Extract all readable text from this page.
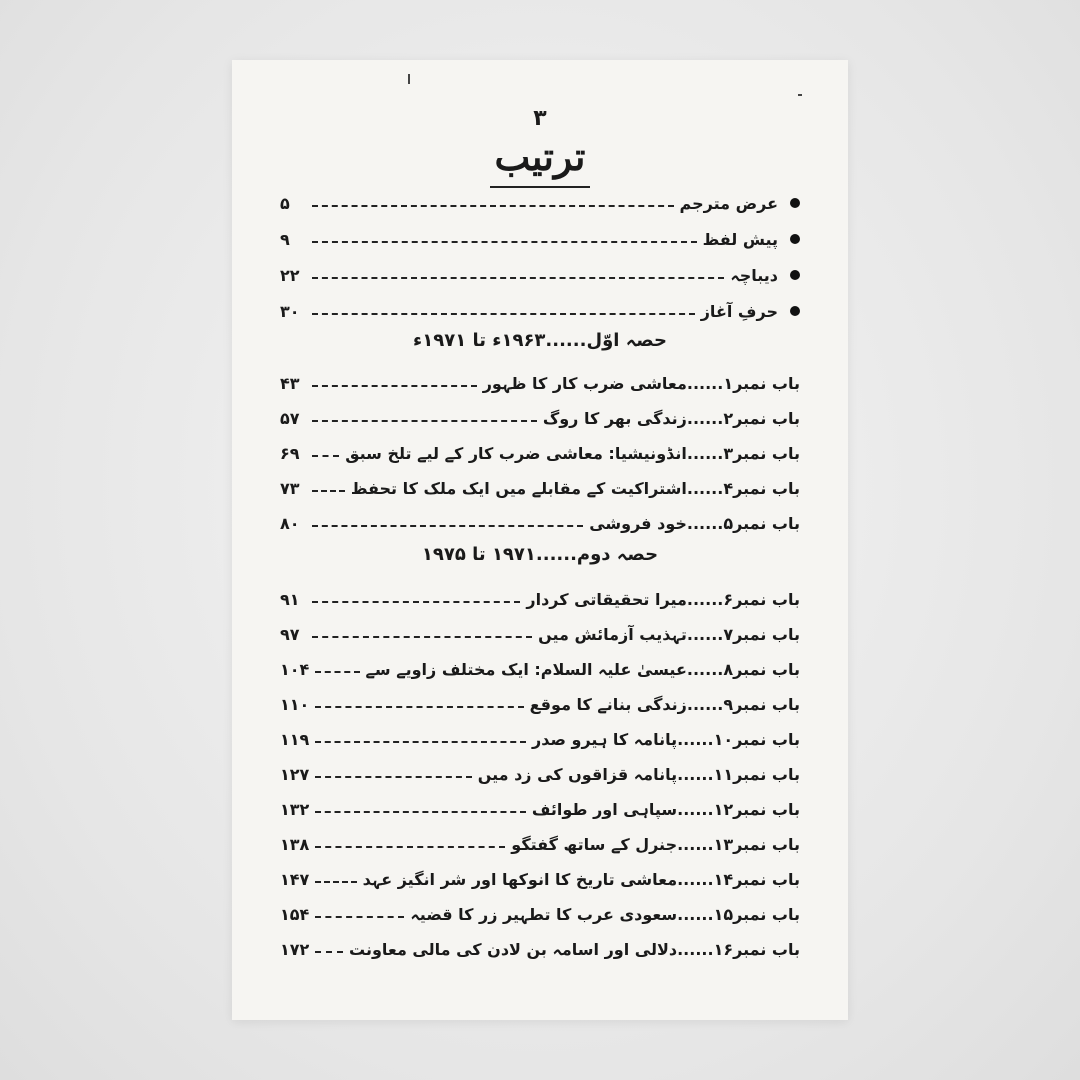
۳
ترتیب
عرض مترجم
۵
پیش لفظ
۹
دیباچہ
۲۲
حرفِ آغاز
۳۰
حصہ اوّل......۱۹۶۳ء تا ۱۹۷۱ء
باب نمبر۱......معاشی ضرب کار کا ظہور
۴۳
باب نمبر۲......زندگی بھر کا روگ
۵۷
باب نمبر۳......انڈونیشیا: معاشی ضرب کار کے لیے تلخ سبق
۶۹
باب نمبر۴......اشتراکیت کے مقابلے میں ایک ملک کا تحفظ
۷۳
باب نمبر۵......خود فروشی
۸۰
حصہ دوم......۱۹۷۱ تا ۱۹۷۵
باب نمبر۶......میرا تحقیقاتی کردار
۹۱
باب نمبر۷......تہذیب آزمائش میں
۹۷
باب نمبر۸......عیسیٰ علیہ السلام: ایک مختلف زاویے سے
۱۰۴
باب نمبر۹......زندگی بنانے کا موقع
۱۱۰
باب نمبر۱۰......پانامہ کا ہیرو صدر
۱۱۹
باب نمبر۱۱......پانامہ قزاقوں کی زد میں
۱۲۷
باب نمبر۱۲......سپاہی اور طوائف
۱۳۲
باب نمبر۱۳......جنرل کے ساتھ گفتگو
۱۳۸
باب نمبر۱۴......معاشی تاریخ کا انوکھا اور شر انگیز عہد
۱۴۷
باب نمبر۱۵......سعودی عرب کا تطہیر زر کا قضیہ
۱۵۴
باب نمبر۱۶......دلالی اور اسامہ بن لادن کی مالی معاونت
۱۷۲
